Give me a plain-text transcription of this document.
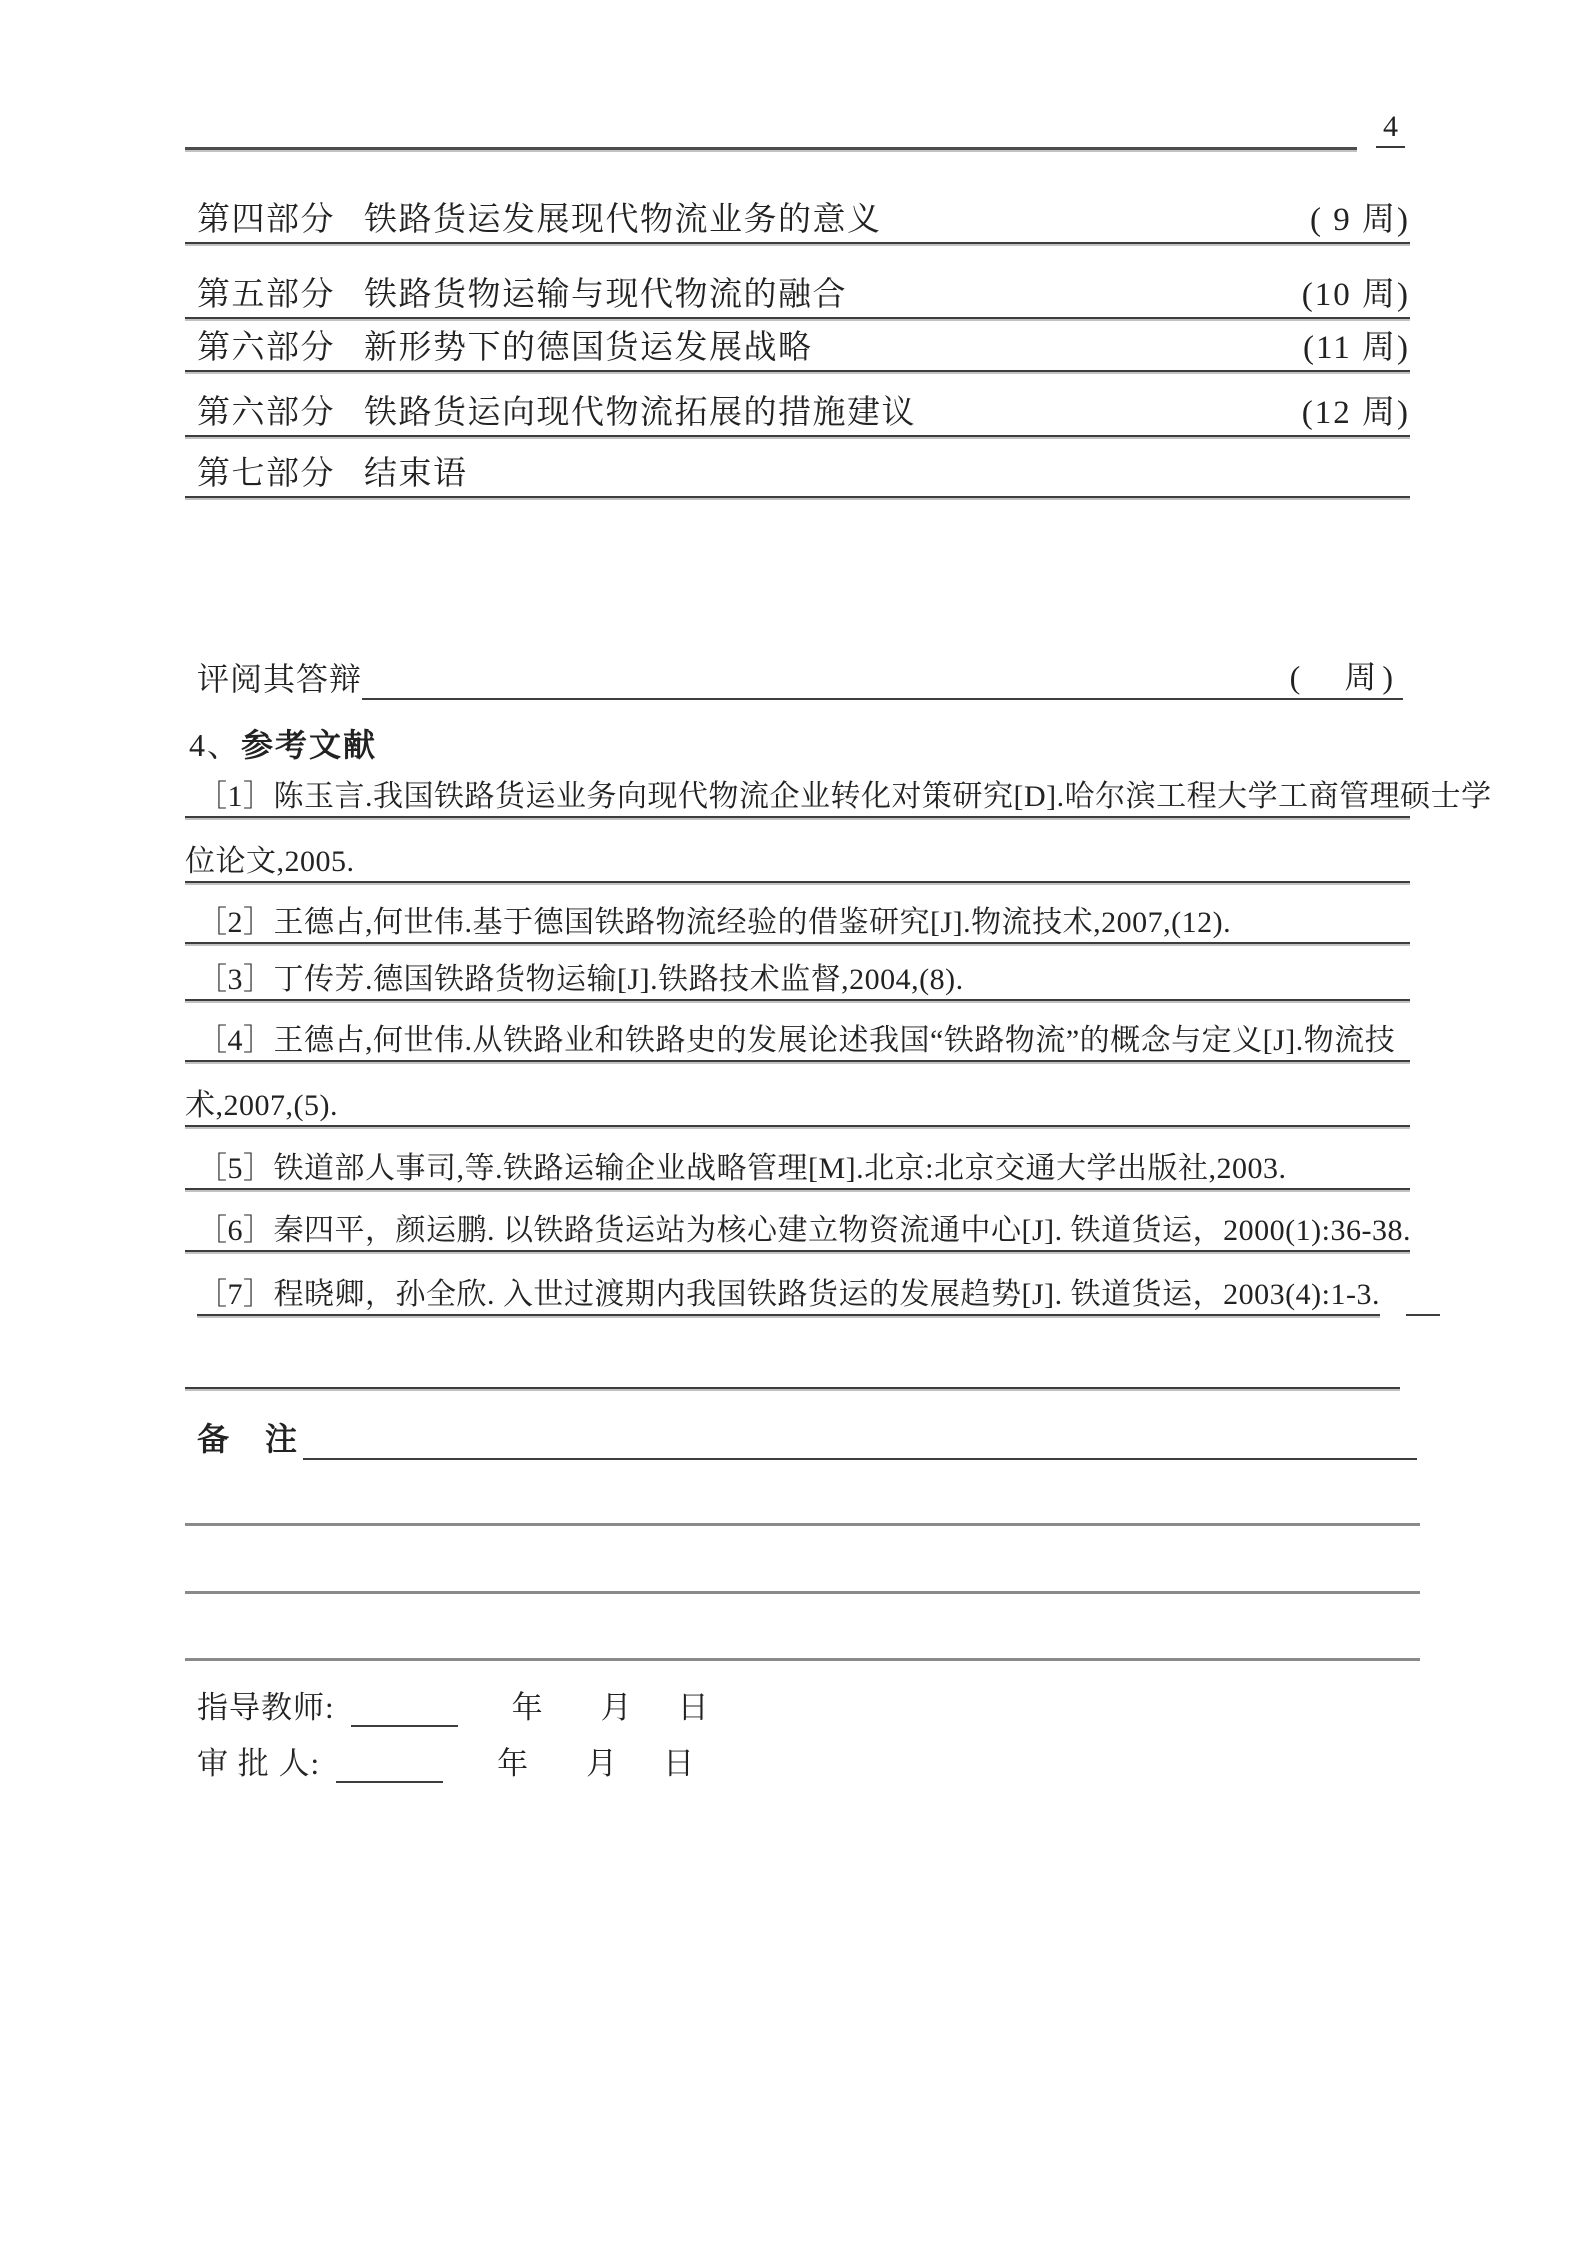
4
第四部分 铁路货运发展现代物流业务的意义	( 9 周)
第五部分 铁路货物运输与现代物流的融合	(10 周)
第六部分 新形势下的德国货运发展战略	(11 周)
第六部分 铁路货运向现代物流拓展的措施建议	(12 周)
第七部分 结束语
评阅其答辩	(　周)
4、参考文献
［1］陈玉言.我国铁路货运业务向现代物流企业转化对策研究[D].哈尔滨工程大学工商管理硕士学
位论文,2005.
［2］王德占,何世伟.基于德国铁路物流经验的借鉴研究[J].物流技术,2007,(12).
［3］丁传芳.德国铁路货物运输[J].铁路技术监督,2004,(8).
［4］王德占,何世伟.从铁路业和铁路史的发展论述我国“铁路物流”的概念与定义[J].物流技
术,2007,(5).
［5］铁道部人事司,等.铁路运输企业战略管理[M].北京:北京交通大学出版社,2003.
［6］秦四平，颜运鹏. 以铁路货运站为核心建立物资流通中心[J]. 铁道货运，2000(1):36-38.
［7］程晓卿，孙全欣. 入世过渡期内我国铁路货运的发展趋势[J]. 铁道货运，2003(4):1-3.
备　注
指导教师:	年 月 日
审 批 人:	年 月 日
